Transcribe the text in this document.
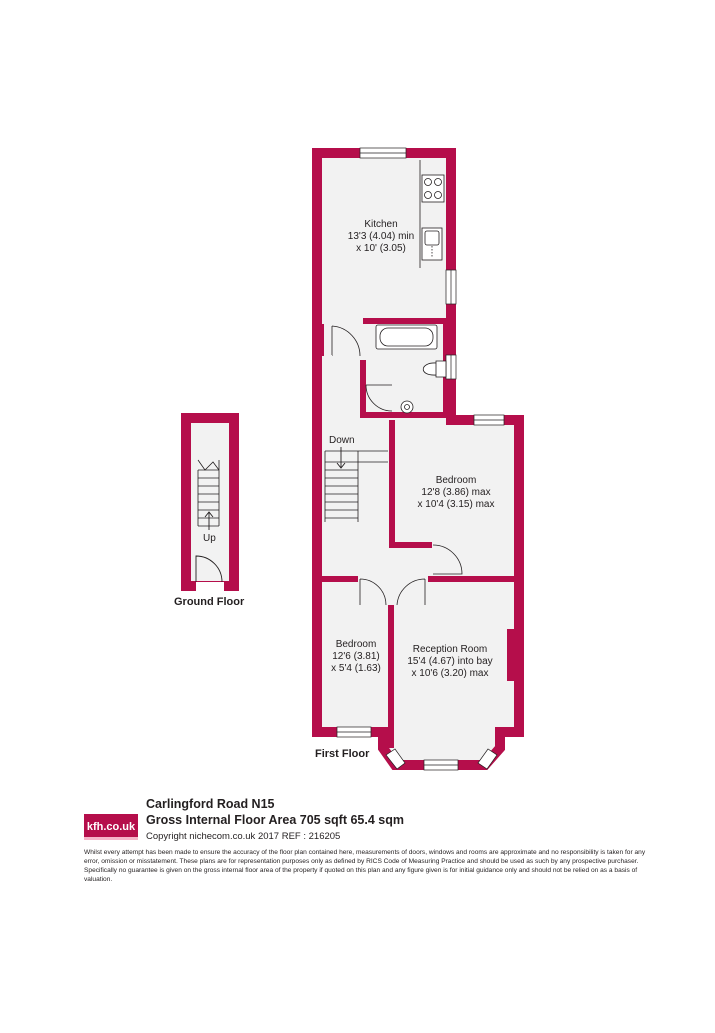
Up
Ground Floor
Down
Kitchen
13'3 (4.04) min
x 10' (3.05)
Bedroom
12'8 (3.86) max
x 10'4 (3.15) max
Bedroom
12'6 (3.81)
x 5'4 (1.63)
Reception Room
15'4 (4.67) into bay
x 10'6 (3.20) max
First Floor
kfh.co.uk
Carlingford Road N15
Gross Internal Floor Area 705 sqft 65.4 sqm
Copyright nichecom.co.uk 2017 REF : 216205
Whilst every attempt has been made to ensure the accuracy of the floor plan contained here, measurements of doors, windows and rooms are approximate and no responsibility is taken for any error, omission or misstatement. These plans are for representation purposes only as defined by RICS Code of Measuring Practice and should be used as such by any prospective purchaser. Specifically no guarantee is given on the gross internal floor area of the property if quoted on this plan and any figure given is for initial guidance only and should not be relied on as a basis of valuation.
